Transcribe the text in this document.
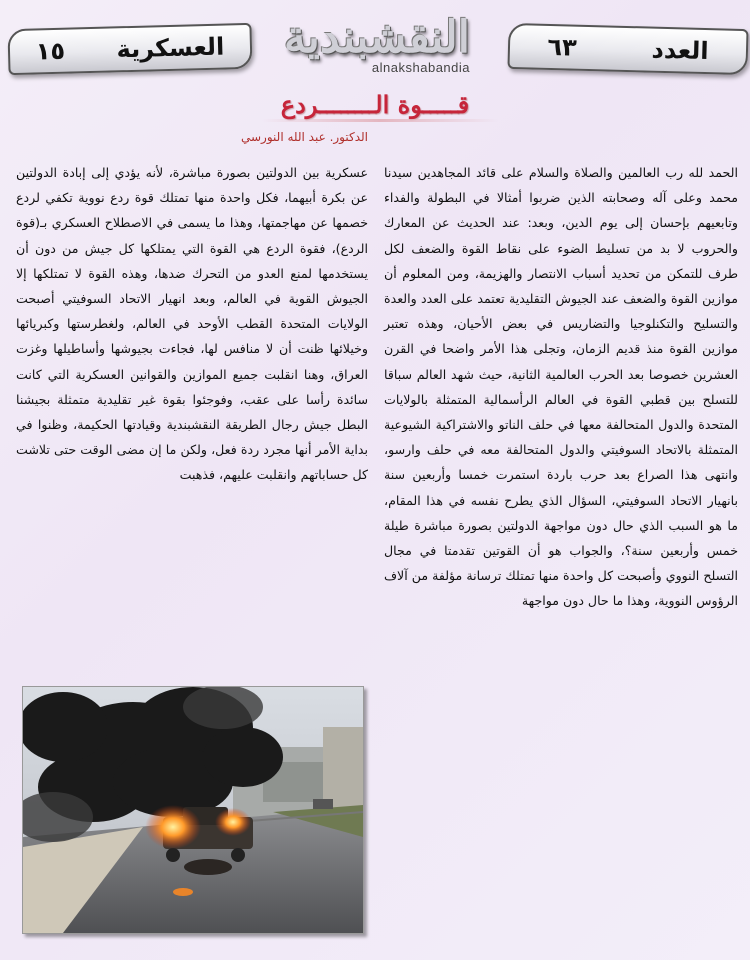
العسكرية
١٥	النقشبندية
alnakshabandia
العدد
٦٣
قـــــوة الــــــــردع
الدكتور. عبد الله النورسي

الحمد لله رب العالمين والصلاة والسلام على قائد المجاهدين سيدنا محمد وعلى آله وصحابته الذين ضربوا أمثالا في البطولة والفداء وتابعيهم بإحسان إلى يوم الدين، وبعد: عند الحديث عن المعارك والحروب لا بد من تسليط الضوء على نقاط القوة والضعف لكل طرف للتمكن من تحديد أسباب الانتصار والهزيمة، ومن المعلوم أن موازين القوة والضعف عند الجيوش التقليدية تعتمد على العدد والعدة والتسليح والتكنلوجيا والتضاريس في بعض الأحيان، وهذه تعتبر موازين القوة منذ قديم الزمان، وتجلى هذا الأمر واضحا في القرن العشرين خصوصا بعد الحرب العالمية الثانية، حيث شهد العالم سباقا للتسلح بين قطبي القوة في العالم الرأسمالية المتمثلة بالولايات المتحدة والدول المتحالفة معها في حلف الناتو والاشتراكية الشيوعية المتمثلة بالاتحاد السوفيتي والدول المتحالفة معه في حلف وارسو، وانتهى هذا الصراع بعد حرب باردة استمرت خمسا وأربعين سنة بانهيار الاتحاد السوفيتي، السؤال الذي يطرح نفسه في هذا المقام، ما هو السبب الذي حال دون مواجهة الدولتين بصورة مباشرة طيلة خمس وأربعين سنة؟، والجواب هو أن القوتين تقدمتا في مجال التسلح النووي وأصبحت كل واحدة منها تمتلك ترسانة مؤلفة من آلاف الرؤوس النووية، وهذا ما حال دون مواجهة

عسكرية بين الدولتين بصورة مباشرة، لأنه يؤدي إلى إبادة الدولتين عن بكرة أبيهما، فكل واحدة منها تمتلك قوة ردع نووية تكفي لردع خصمها عن مهاجمتها، وهذا ما يسمى في الاصطلاح العسكري بـ(قوة الردع)، فقوة الردع هي القوة التي يمتلكها كل جيش من دون أن يستخدمها لمنع العدو من التحرك ضدها، وهذه القوة لا تمتلكها إلا الجيوش القوية في العالم، وبعد انهيار الاتحاد السوفيتي أصبحت الولايات المتحدة القطب الأوحد في العالم، ولغطرستها وكبريائها وخيلائها ظنت أن لا منافس لها، فجاءت بجيوشها وأساطيلها وغزت العراق، وهنا انقلبت جميع الموازين والقوانين العسكرية التي كانت سائدة رأسا على عقب، وفوجئوا بقوة غير تقليدية متمثلة بجيشنا البطل جيش رجال الطريقة النقشبندية وقيادتها الحكيمة، وظنوا في بداية الأمر أنها مجرد ردة فعل، ولكن ما إن مضى الوقت حتى تلاشت كل حساباتهم وانقلبت عليهم، فذهبت
